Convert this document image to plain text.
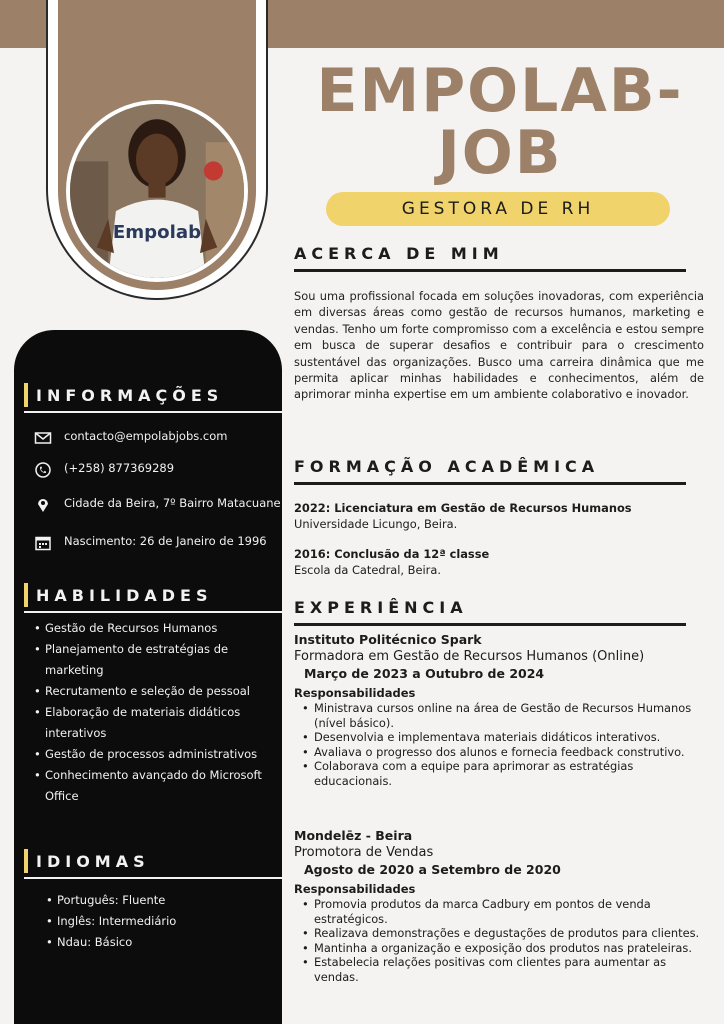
Empolab
EMPOLAB-
JOB
GESTORA DE RH
ACERCA DE MIM
Sou uma profissional focada em soluções inovadoras, com experiência em diversas áreas como gestão de recursos humanos, marketing e vendas. Tenho um forte compromisso com a excelência e estou sempre em busca de superar desafios e contribuir para o crescimento sustentável das organizações. Busco uma carreira dinâmica que me permita aplicar minhas habilidades e conhecimentos, além de aprimorar minha expertise em um ambiente colaborativo e inovador.
FORMAÇÃO ACADÊMICA
2022: Licenciatura em Gestão de Recursos Humanos
Universidade Licungo, Beira.
2016: Conclusão da 12ª classe
Escola da Catedral, Beira.
EXPERIÊNCIA
Instituto Politécnico Spark
Formadora em Gestão de Recursos Humanos (Online)
Março de 2023 a Outubro de 2024
Responsabilidades
• Ministrava cursos online na área de Gestão de Recursos Humanos (nível básico).
• Desenvolvia e implementava materiais didáticos interativos.
• Avaliava o progresso dos alunos e fornecia feedback construtivo.
• Colaborava com a equipe para aprimorar as estratégias educacionais.
Mondelēz - Beira
Promotora de Vendas
Agosto de 2020 a Setembro de 2020
Responsabilidades
• Promovia produtos da marca Cadbury em pontos de venda estratégicos.
• Realizava demonstrações e degustações de produtos para clientes.
• Mantinha a organização e exposição dos produtos nas prateleiras.
• Estabelecia relações positivas com clientes para aumentar as vendas.
INFORMAÇÕES
contacto@empolabjobs.com
(+258) 877369289
Cidade da Beira, 7º Bairro Matacuane
Nascimento: 26 de Janeiro de 1996
HABILIDADES
• Gestão de Recursos Humanos
• Planejamento de estratégias de marketing
• Recrutamento e seleção de pessoal
• Elaboração de materiais didáticos interativos
• Gestão de processos administrativos
• Conhecimento avançado do Microsoft Office
IDIOMAS
• Português: Fluente
• Inglês: Intermediário
• Ndau: Básico
